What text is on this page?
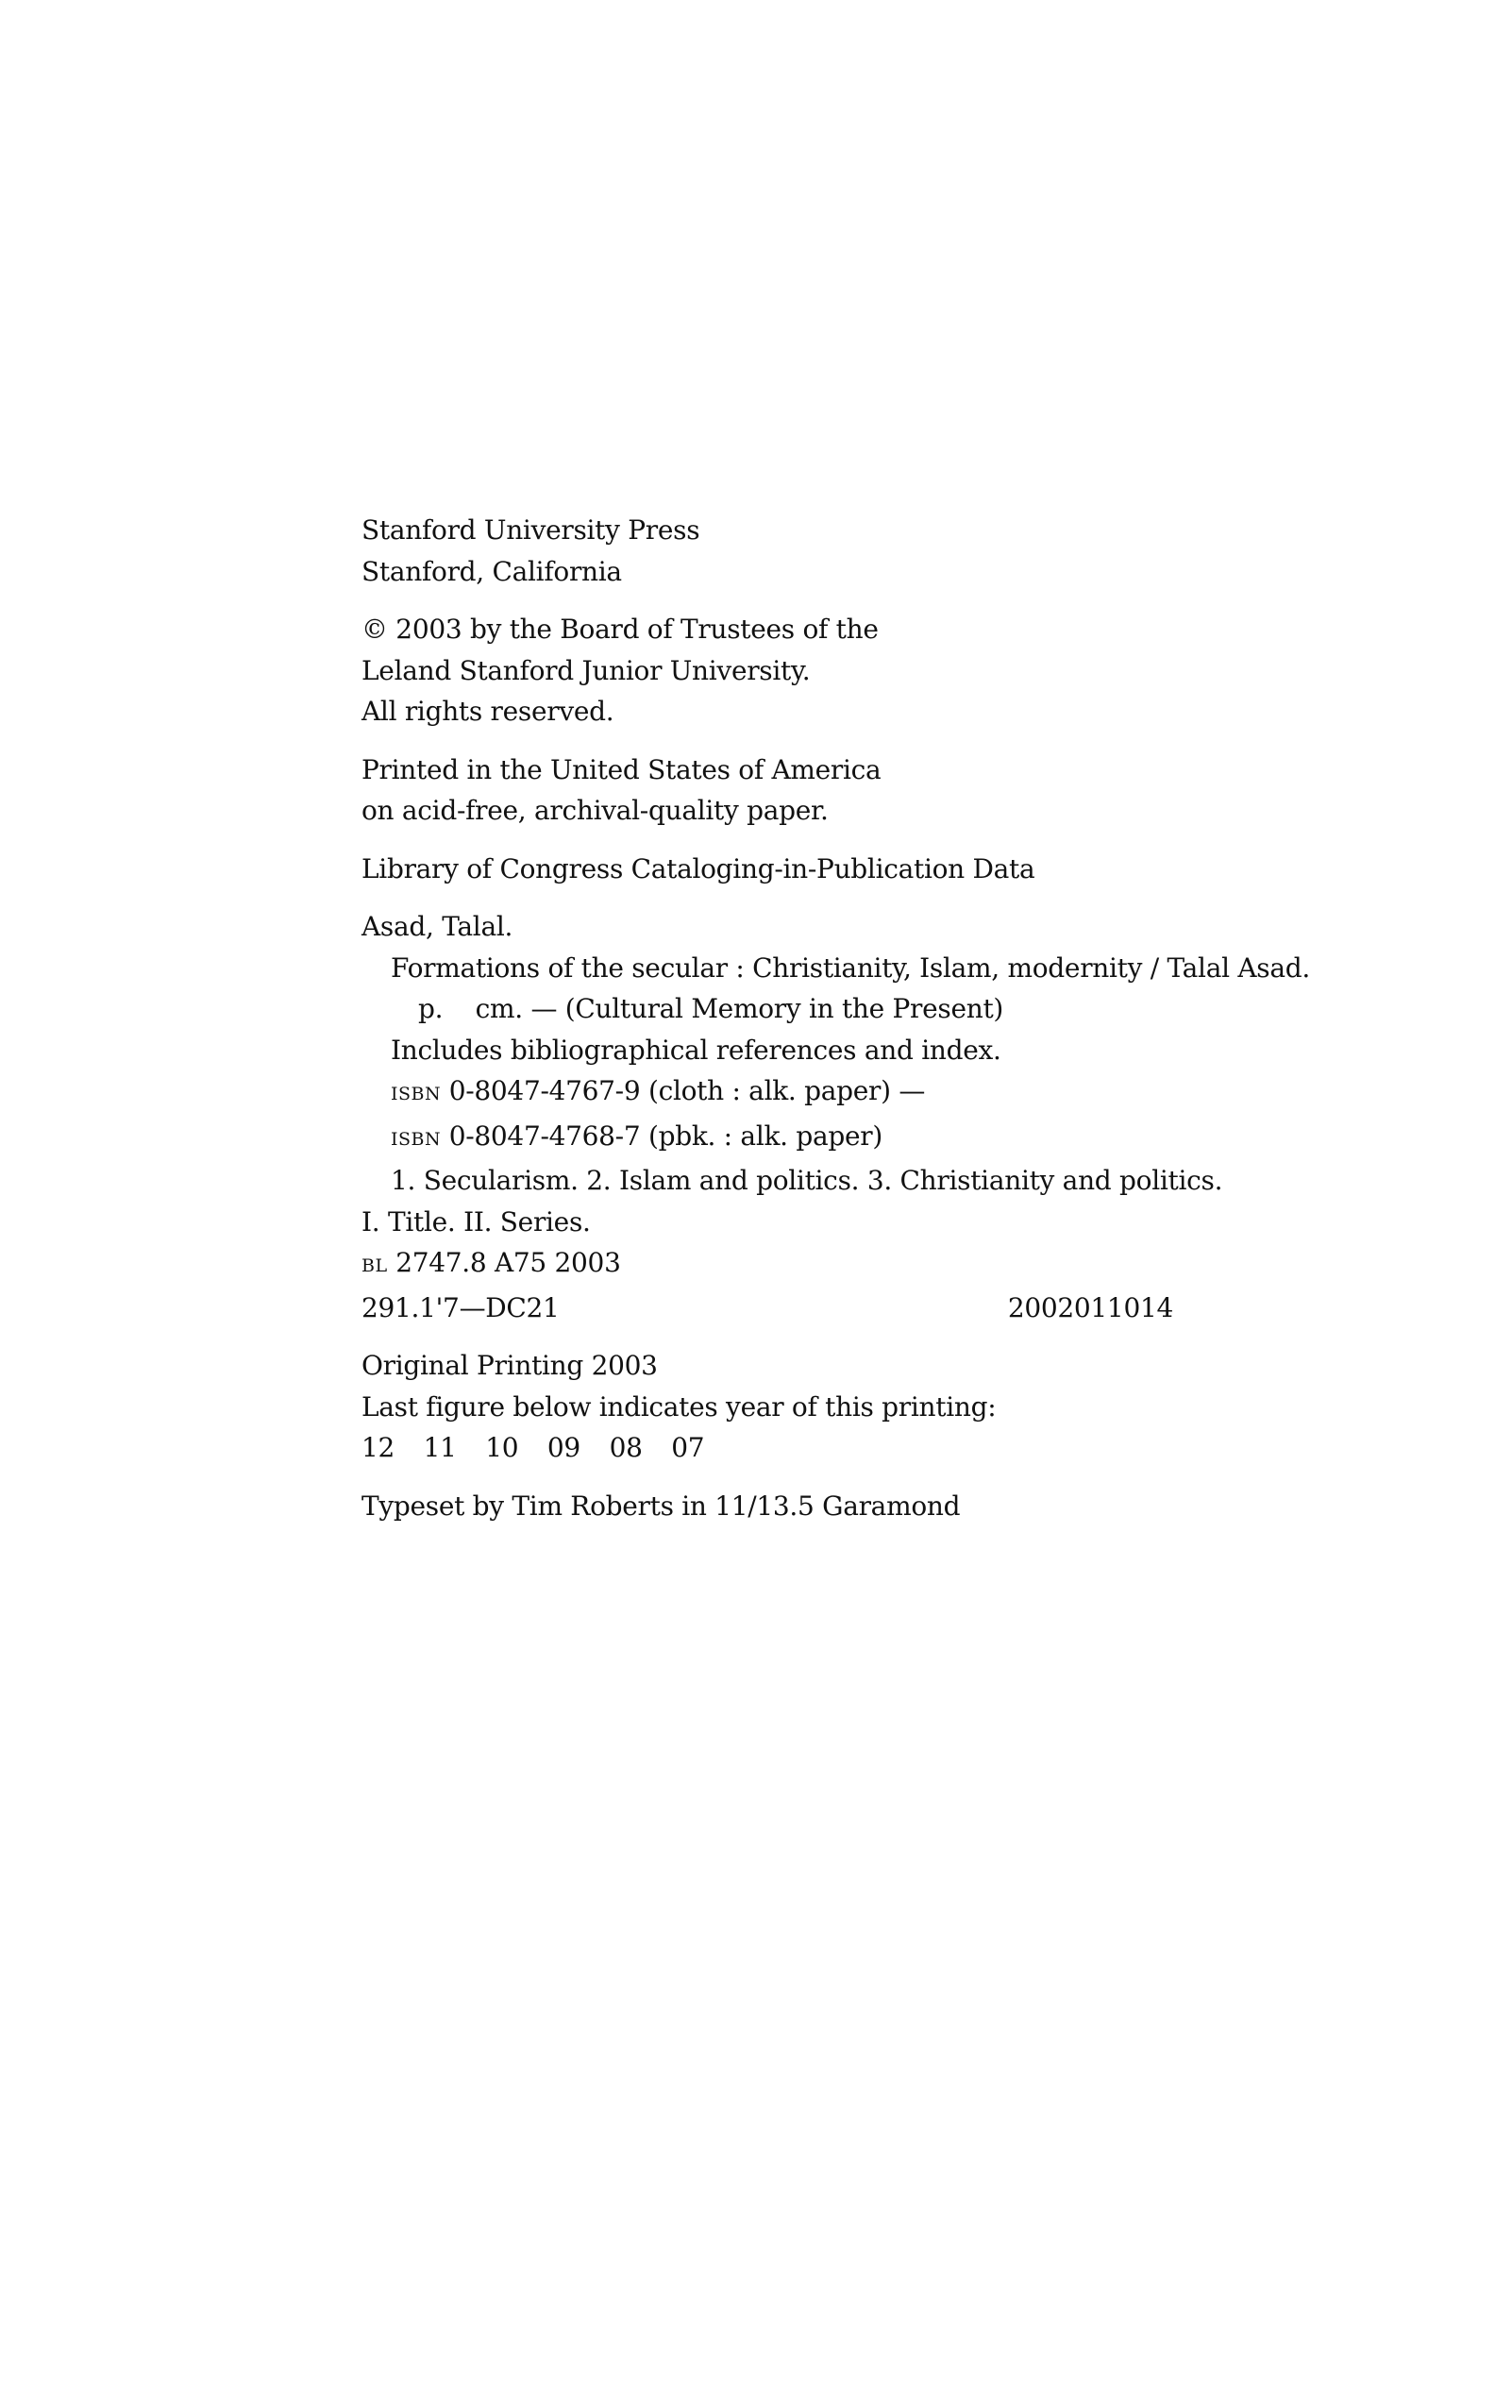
Stanford University Press
Stanford, California
© 2003 by the Board of Trustees of the
Leland Stanford Junior University.
All rights reserved.
Printed in the United States of America
on acid-free, archival-quality paper.
Library of Congress Cataloging-in-Publication Data
Asad, Talal.
Formations of the secular : Christianity, Islam, modernity / Talal Asad.
p.    cm. — (Cultural Memory in the Present)
Includes bibliographical references and index.
ISBN 0-8047-4767-9 (cloth : alk. paper) —
ISBN 0-8047-4768-7 (pbk. : alk. paper)
1. Secularism. 2. Islam and politics. 3. Christianity and politics.
I. Title. II. Series.
BL 2747.8 A75 2003
291.1'7—DC21	2002011014
Original Printing 2003
Last figure below indicates year of this printing:
12 11 10 09 08 07
Typeset by Tim Roberts in 11/13.5 Garamond
